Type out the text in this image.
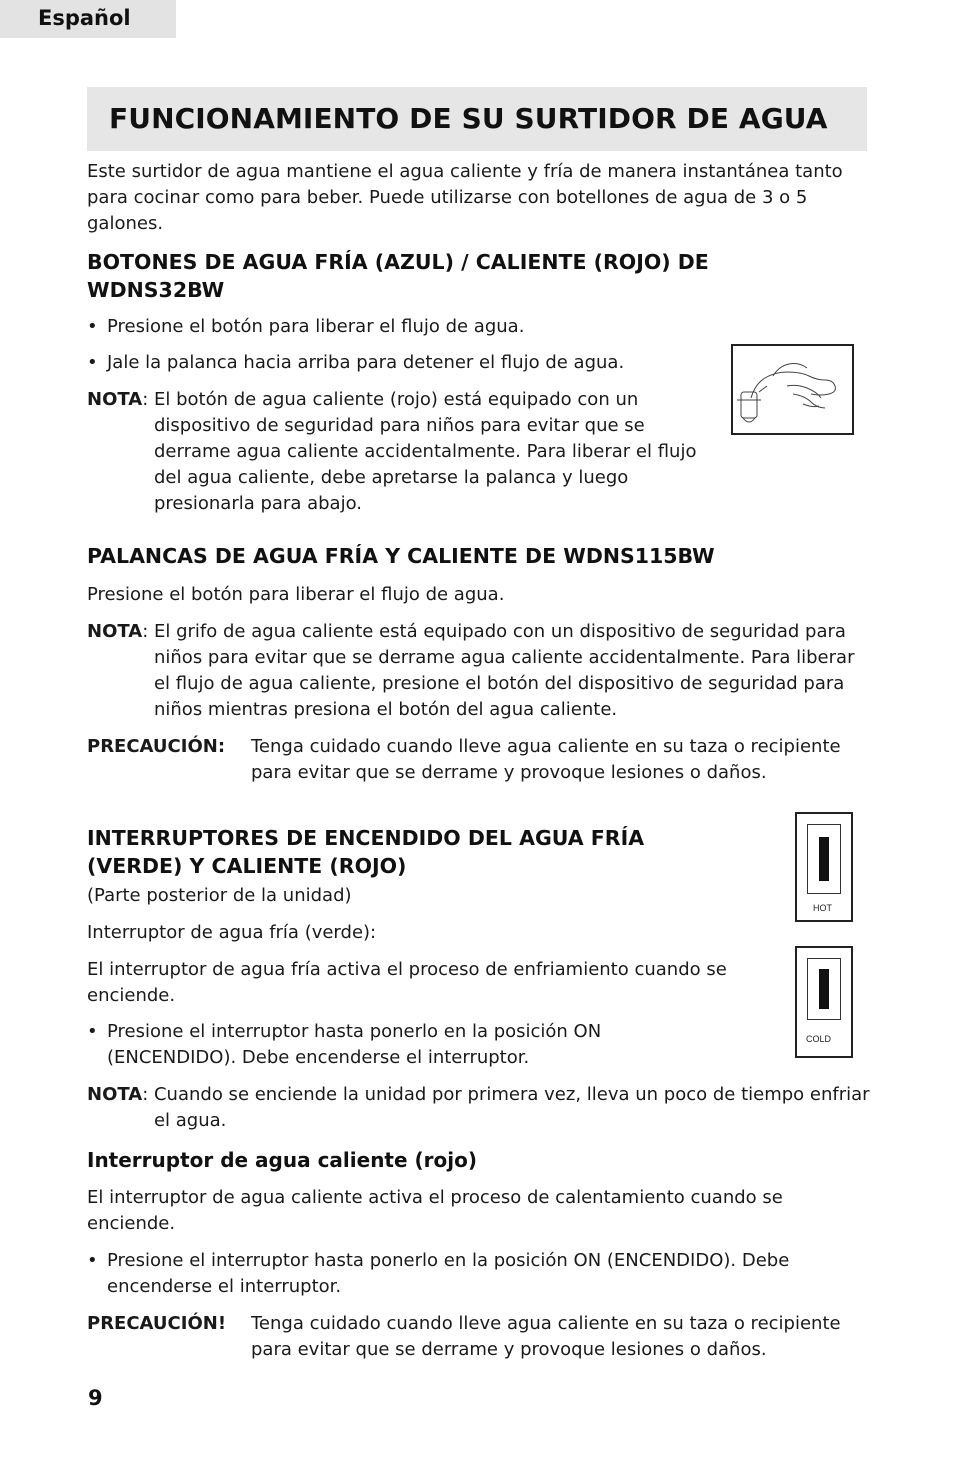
Español
FUNCIONAMIENTO DE SU SURTIDOR DE AGUA

Este surtidor de agua mantiene el agua caliente y fría de manera instantánea tanto para cocinar como para beber. Puede utilizarse con botellones de agua de 3 o 5 galones.

BOTONES DE AGUA FRÍA (AZUL) / CALIENTE (ROJO) DE WDNS32BW
• Presione el botón para liberar el flujo de agua.
• Jale la palanca hacia arriba para detener el flujo de agua.
NOTA : El botón de agua caliente (rojo) está equipado con un dispositivo de seguridad para niños para evitar que se derrame agua caliente accidentalmente. Para liberar el flujo del agua caliente, debe apretarse la palanca y luego presionarla para abajo.
PALANCAS DE AGUA FRÍA Y CALIENTE DE WDNS115BW

Presione el botón para liberar el flujo de agua.

NOTA : El grifo de agua caliente está equipado con un dispositivo de seguridad para niños para evitar que se derrame agua caliente accidentalmente. Para liberar el flujo de agua caliente, presione el botón del dispositivo de seguridad para niños mientras presiona el botón del agua caliente.
PRECAUCIÓN:	Tenga cuidado cuando lleve agua caliente en su taza o recipiente para evitar que se derrame y provoque lesiones o daños.
INTERRUPTORES DE ENCENDIDO DEL AGUA FRÍA (VERDE) Y CALIENTE (ROJO)

(Parte posterior de la unidad)

Interruptor de agua fría (verde):

El interruptor de agua fría activa el proceso de enfriamiento cuando se enciende.

• Presione el interruptor hasta ponerlo en la posición ON (ENCENDIDO). Debe encenderse el interruptor.
NOTA : Cuando se enciende la unidad por primera vez, lleva un poco de tiempo enfriar el agua.
HOT
COLD
Interruptor de agua caliente (rojo)

El interruptor de agua caliente activa el proceso de calentamiento cuando se enciende.

• Presione el interruptor hasta ponerlo en la posición ON (ENCENDIDO). Debe encenderse el interruptor.
PRECAUCIÓN!	Tenga cuidado cuando lleve agua caliente en su taza o recipiente para evitar que se derrame y provoque lesiones o daños.
9
